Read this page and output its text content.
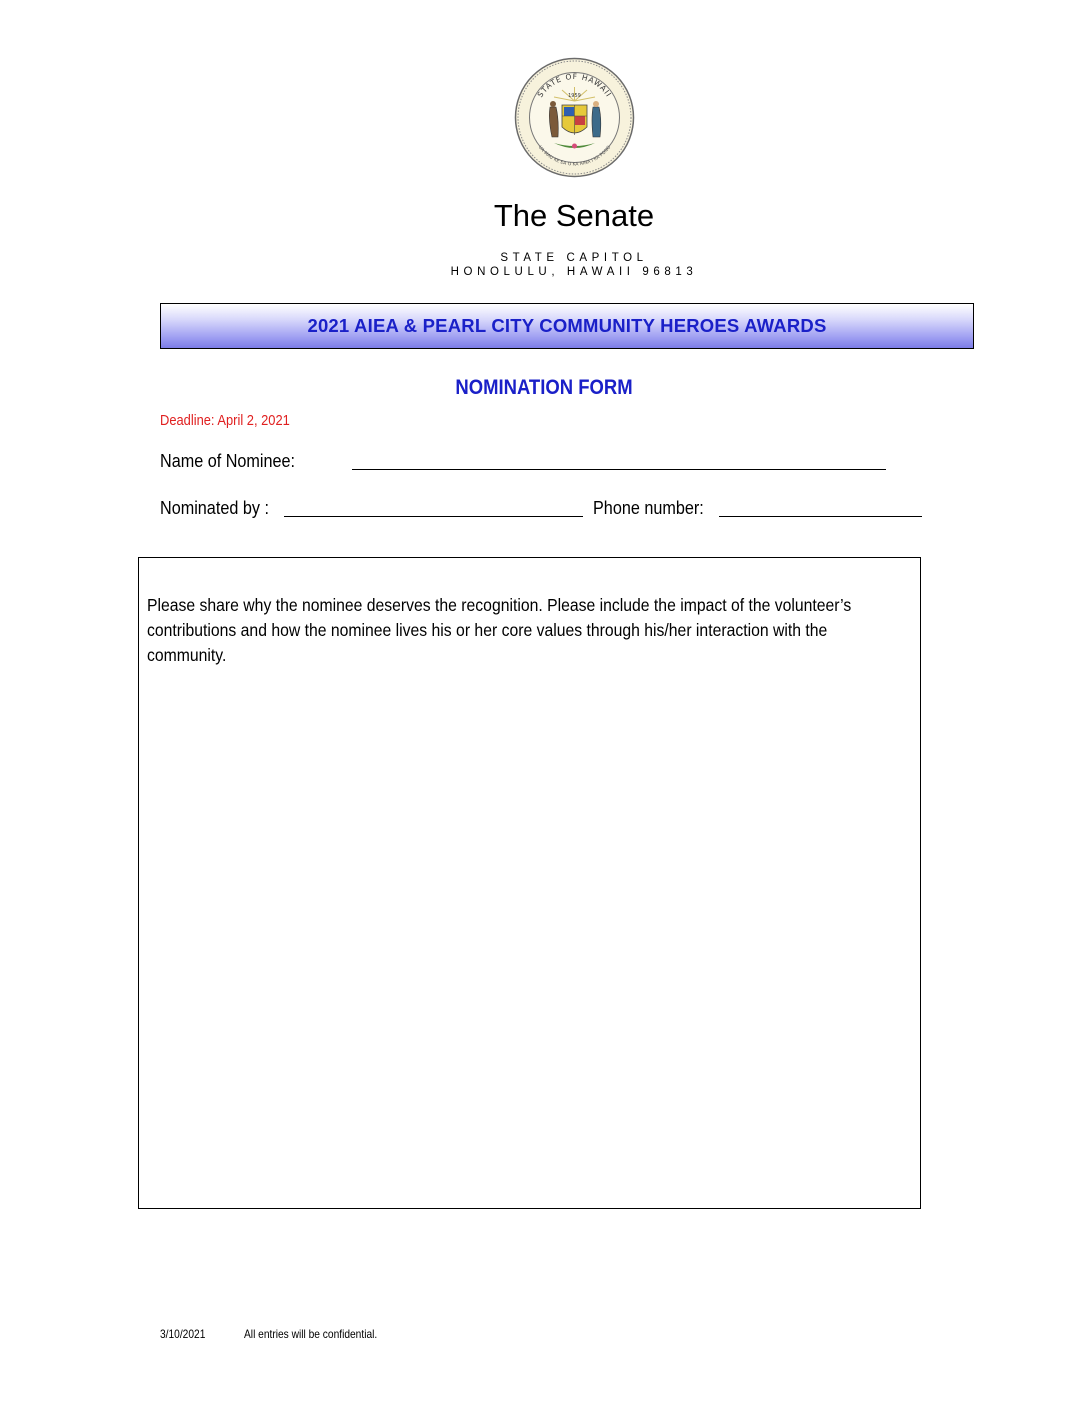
STATE OF HAWAII
UA MAU KE EA O KA AINA I KA PONO
1959
The Senate
STATE CAPITOL
HONOLULU, HAWAII 96813
2021 AIEA & PEARL CITY COMMUNITY HEROES AWARDS
NOMINATION FORM
Deadline: April 2, 2021
Name of Nominee:
Nominated by :	Phone number:
Please share why the nominee deserves the recognition. Please include the impact of the volunteer’s contributions and how the nominee lives his or her core values through his/her interaction with the community.
3/10/2021	All entries will be confidential.
